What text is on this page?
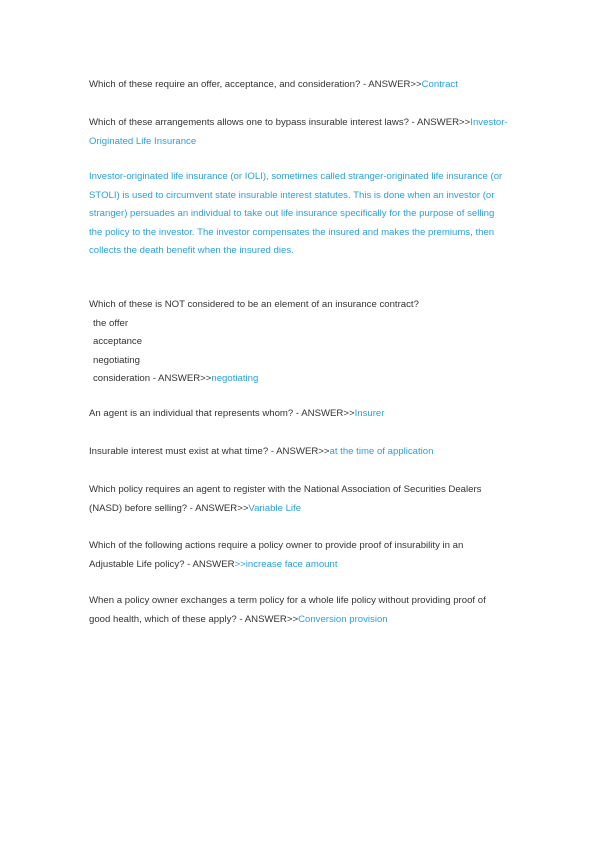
Which of these require an offer, acceptance, and consideration? - ANSWER>>Contract

Which of these arrangements allows one to bypass insurable interest laws? - ANSWER>>Investor-Originated Life Insurance

Investor-originated life insurance (or IOLI), sometimes called stranger-originated life insurance (or STOLI) is used to circumvent state insurable interest statutes. This is done when an investor (or stranger) persuades an individual to take out life insurance specifically for the purpose of selling the policy to the investor. The investor compensates the insured and makes the premiums, then collects the death benefit when the insured dies.

Which of these is NOT considered to be an element of an insurance contract?
the offer
acceptance
negotiating
consideration - ANSWER>>negotiating

An agent is an individual that represents whom? - ANSWER>>Insurer

Insurable interest must exist at what time? - ANSWER>>at the time of application

Which policy requires an agent to register with the National Association of Securities Dealers (NASD) before selling? - ANSWER>>Variable Life

Which of the following actions require a policy owner to provide proof of insurability in an Adjustable Life policy? - ANSWER>>increase face amount

When a policy owner exchanges a term policy for a whole life policy without providing proof of good health, which of these apply? - ANSWER>>Conversion provision
